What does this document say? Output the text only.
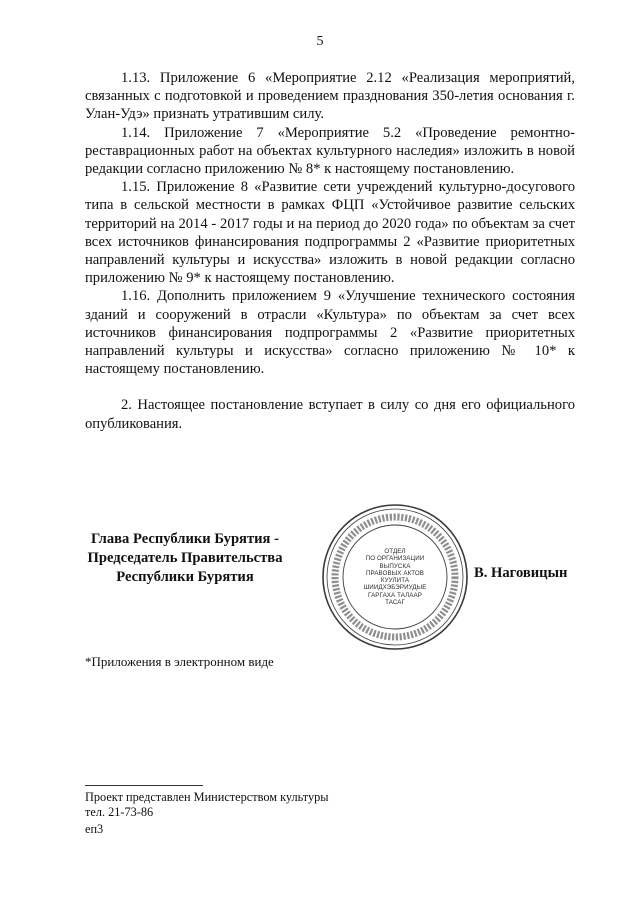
5

1.13. Приложение 6 «Мероприятие 2.12 «Реализация мероприятий, связанных с подготовкой и проведением празднования 350-летия основания г. Улан-Удэ» признать утратившим силу.

1.14. Приложение 7 «Мероприятие 5.2 «Проведение ремонтно-реставрационных работ на объектах культурного наследия» изложить в новой редакции согласно приложению № 8* к настоящему постановлению.

1.15. Приложение 8 «Развитие сети учреждений культурно-досугового типа в сельской местности в рамках ФЦП «Устойчивое развитие сельских территорий на 2014 - 2017 годы и на период до 2020 года» по объектам за счет всех источников финансирования подпрограммы 2 «Развитие приоритетных направлений культуры и искусства» изложить в новой редакции согласно приложению № 9* к настоящему постановлению.

1.16. Дополнить приложением 9 «Улучшение технического состояния зданий и сооружений в отрасли «Культура» по объектам за счет всех источников финансирования подпрограммы 2 «Развитие приоритетных направлений культуры и искусства» согласно приложению № 10* к настоящему постановлению.

2. Настоящее постановление вступает в силу со дня его официального опубликования.

Глава Республики Бурятия -
Председатель Правительства
Республики Бурятия
ОТДЕЛ
ПО ОРГАНИЗАЦИИ
ВЫПУСКА
ПРАВОВЫХ АКТОВ
КУУЛИТА
ШИИДХЭБЭРИУДЫЕ
ГАРГАХА ТАЛААР
ТАСАГ
В. Наговицын
*Приложения в электронном виде
Проект представлен Министерством культуры
тел. 21-73-86
еп3
